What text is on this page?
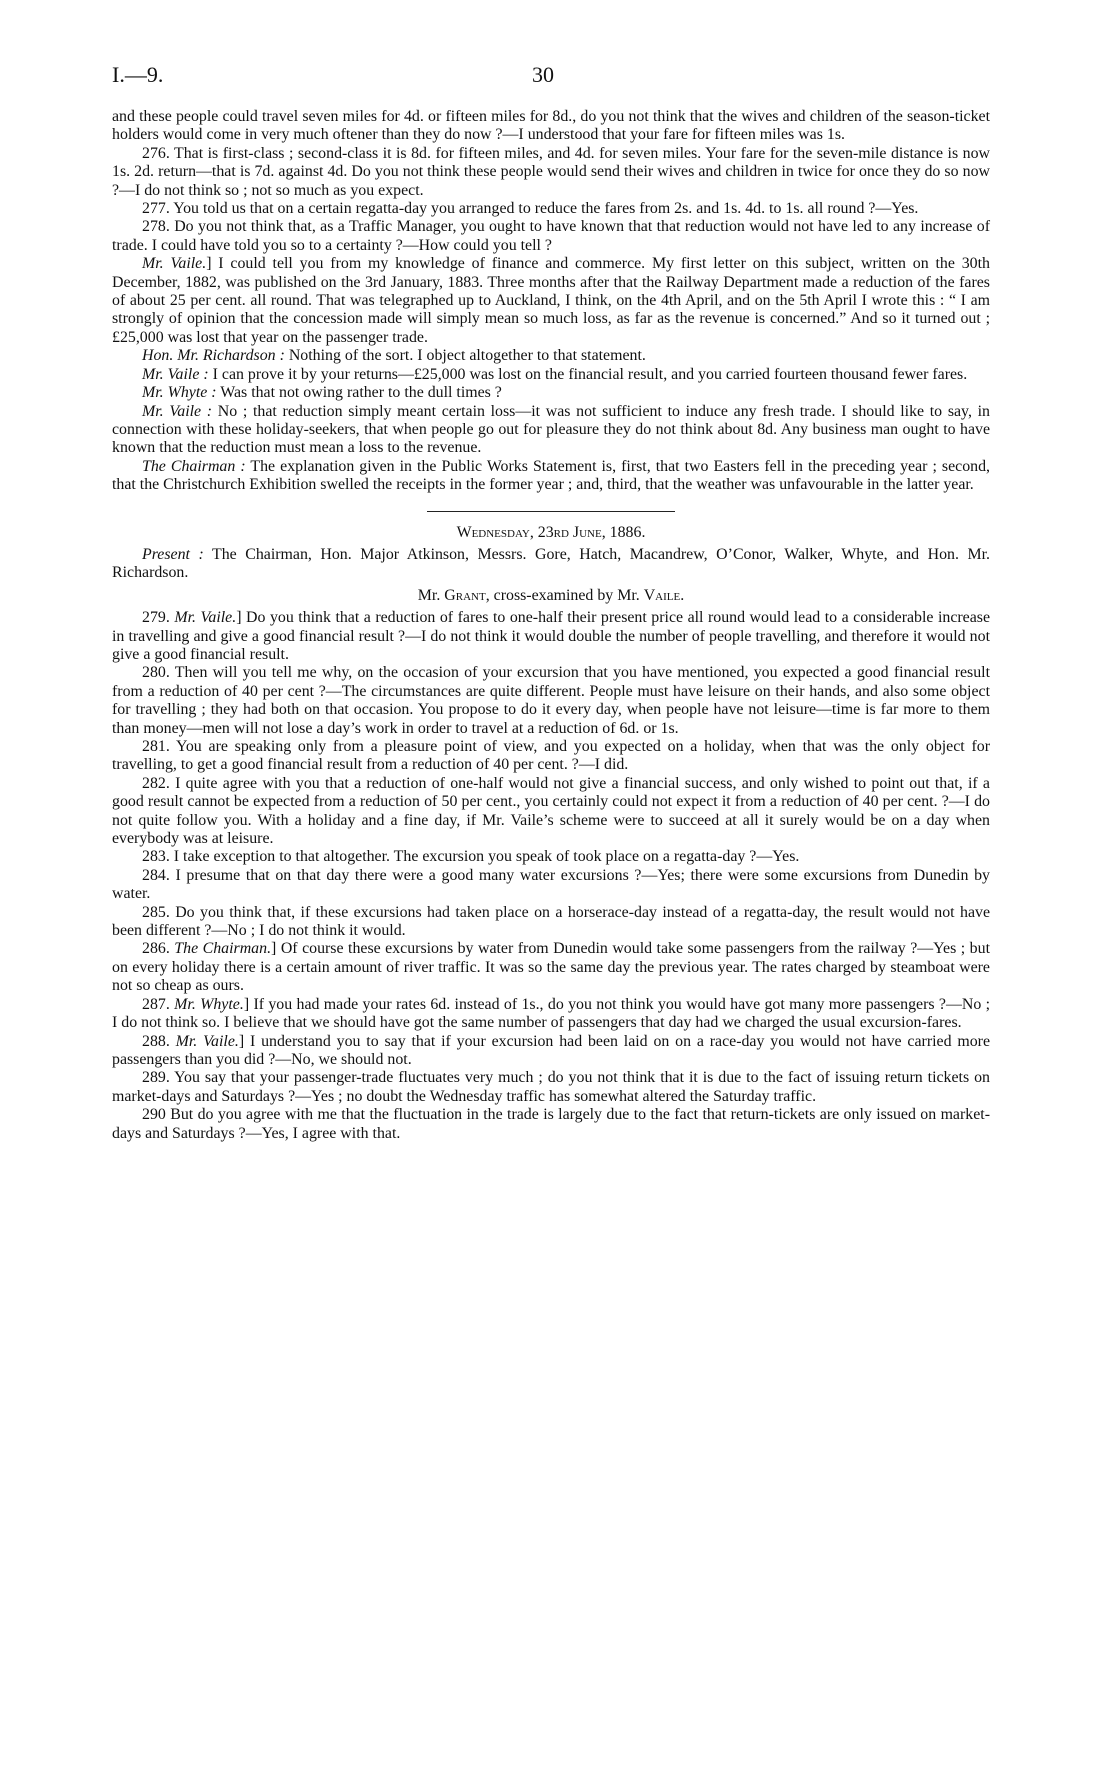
I.—9.	30

and these people could travel seven miles for 4d. or fifteen miles for 8d., do you not think that the wives and children of the season-ticket holders would come in very much oftener than they do now ?—I understood that your fare for fifteen miles was 1s.

276. That is first-class ; second-class it is 8d. for fifteen miles, and 4d. for seven miles. Your fare for the seven-mile distance is now 1s. 2d. return—that is 7d. against 4d. Do you not think these people would send their wives and children in twice for once they do so now ?—I do not think so ; not so much as you expect.

277. You told us that on a certain regatta-day you arranged to reduce the fares from 2s. and 1s. 4d. to 1s. all round ?—Yes.

278. Do you not think that, as a Traffic Manager, you ought to have known that that reduction would not have led to any increase of trade. I could have told you so to a certainty ?—How could you tell ?

Mr. Vaile.] I could tell you from my knowledge of finance and commerce. My first letter on this subject, written on the 30th December, 1882, was published on the 3rd January, 1883. Three months after that the Railway Department made a reduction of the fares of about 25 per cent. all round. That was telegraphed up to Auckland, I think, on the 4th April, and on the 5th April I wrote this : “ I am strongly of opinion that the concession made will simply mean so much loss, as far as the revenue is concerned.” And so it turned out ; £25,000 was lost that year on the passenger trade.

Hon. Mr. Richardson : Nothing of the sort. I object altogether to that statement.

Mr. Vaile : I can prove it by your returns—£25,000 was lost on the financial result, and you carried fourteen thousand fewer fares.

Mr. Whyte : Was that not owing rather to the dull times ?

Mr. Vaile : No ; that reduction simply meant certain loss—it was not sufficient to induce any fresh trade. I should like to say, in connection with these holiday-seekers, that when people go out for pleasure they do not think about 8d. Any business man ought to have known that the reduction must mean a loss to the revenue.

The Chairman : The explanation given in the Public Works Statement is, first, that two Easters fell in the preceding year ; second, that the Christchurch Exhibition swelled the receipts in the former year ; and, third, that the weather was unfavourable in the latter year.

Wednesday, 23rd June, 1886.

Present : The Chairman, Hon. Major Atkinson, Messrs. Gore, Hatch, Macandrew, O’Conor, Walker, Whyte, and Hon. Mr. Richardson.

Mr. Grant, cross-examined by Mr. Vaile.

279. Mr. Vaile.] Do you think that a reduction of fares to one-half their present price all round would lead to a considerable increase in travelling and give a good financial result ?—I do not think it would double the number of people travelling, and therefore it would not give a good financial result.

280. Then will you tell me why, on the occasion of your excursion that you have mentioned, you expected a good financial result from a reduction of 40 per cent ?—The circumstances are quite different. People must have leisure on their hands, and also some object for travelling ; they had both on that occasion. You propose to do it every day, when people have not leisure—time is far more to them than money—men will not lose a day’s work in order to travel at a reduction of 6d. or 1s.

281. You are speaking only from a pleasure point of view, and you expected on a holiday, when that was the only object for travelling, to get a good financial result from a reduction of 40 per cent. ?—I did.

282. I quite agree with you that a reduction of one-half would not give a financial success, and only wished to point out that, if a good result cannot be expected from a reduction of 50 per cent., you certainly could not expect it from a reduction of 40 per cent. ?—I do not quite follow you. With a holiday and a fine day, if Mr. Vaile’s scheme were to succeed at all it surely would be on a day when everybody was at leisure.

283. I take exception to that altogether. The excursion you speak of took place on a regatta-day ?—Yes.

284. I presume that on that day there were a good many water excursions ?—Yes; there were some excursions from Dunedin by water.

285. Do you think that, if these excursions had taken place on a horserace-day instead of a regatta-day, the result would not have been different ?—No ; I do not think it would.

286. The Chairman.] Of course these excursions by water from Dunedin would take some passengers from the railway ?—Yes ; but on every holiday there is a certain amount of river traffic. It was so the same day the previous year. The rates charged by steamboat were not so cheap as ours.

287. Mr. Whyte.] If you had made your rates 6d. instead of 1s., do you not think you would have got many more passengers ?—No ; I do not think so. I believe that we should have got the same number of passengers that day had we charged the usual excursion-fares.

288. Mr. Vaile.] I understand you to say that if your excursion had been laid on on a race-day you would not have carried more passengers than you did ?—No, we should not.

289. You say that your passenger-trade fluctuates very much ; do you not think that it is due to the fact of issuing return tickets on market-days and Saturdays ?—Yes ; no doubt the Wednesday traffic has somewhat altered the Saturday traffic.

290 But do you agree with me that the fluctuation in the trade is largely due to the fact that return-tickets are only issued on market-days and Saturdays ?—Yes, I agree with that.
